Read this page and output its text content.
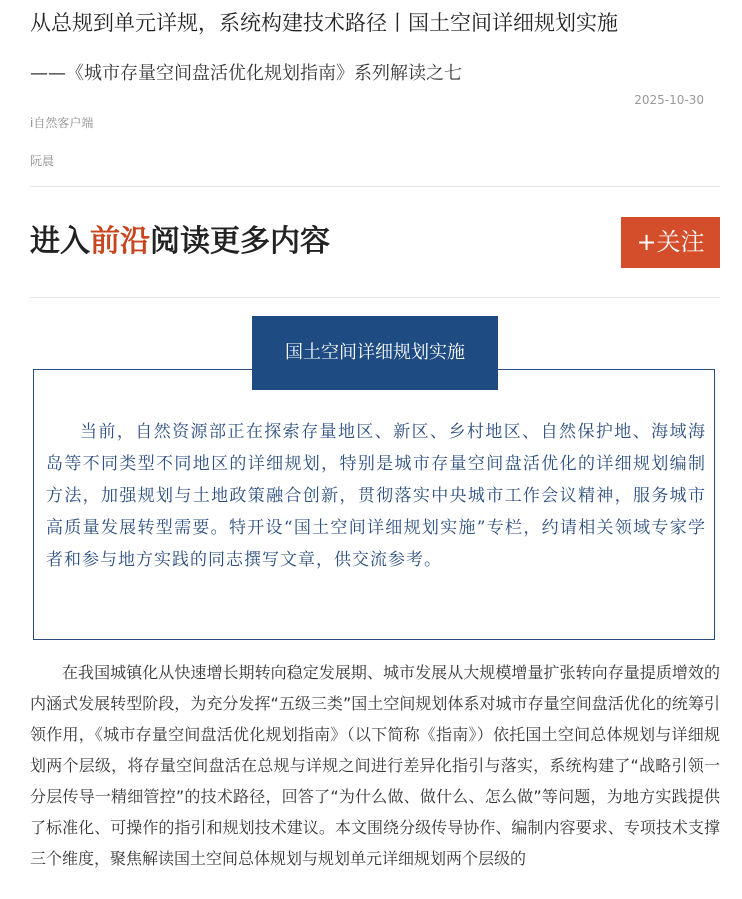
从总规到单元详规，系统构建技术路径丨国土空间详细规划实施
——《城市存量空间盘活优化规划指南》系列解读之七
2025-10-30
i自然客户端
阮晨
进入前沿阅读更多内容	+关注
国土空间详细规划实施
当前，自然资源部正在探索存量地区、新区、乡村地区、自然保护地、海域海岛等不同类型不同地区的详细规划，特别是城市存量空间盘活优化的详细规划编制方法，加强规划与土地政策融合创新，贯彻落实中央城市工作会议精神，服务城市高质量发展转型需要。特开设“国土空间详细规划实施”专栏，约请相关领域专家学者和参与地方实践的同志撰写文章，供交流参考。
在我国城镇化从快速增长期转向稳定发展期、城市发展从大规模增量扩张转向存量提质增效的内涵式发展转型阶段，为充分发挥“五级三类”国土空间规划体系对城市存量空间盘活优化的统筹引领作用，《城市存量空间盘活优化规划指南》（以下简称《指南》）依托国土空间总体规划与详细规划两个层级，将存量空间盘活在总规与详规之间进行差异化指引与落实，系统构建了“战略引领一分层传导一精细管控”的技术路径，回答了“为什么做、做什么、怎么做”等问题，为地方实践提供了标准化、可操作的指引和规划技术建议。本文围绕分级传导协作、编制内容要求、专项技术支撑三个维度，聚焦解读国土空间总体规划与规划单元详细规划两个层级的
